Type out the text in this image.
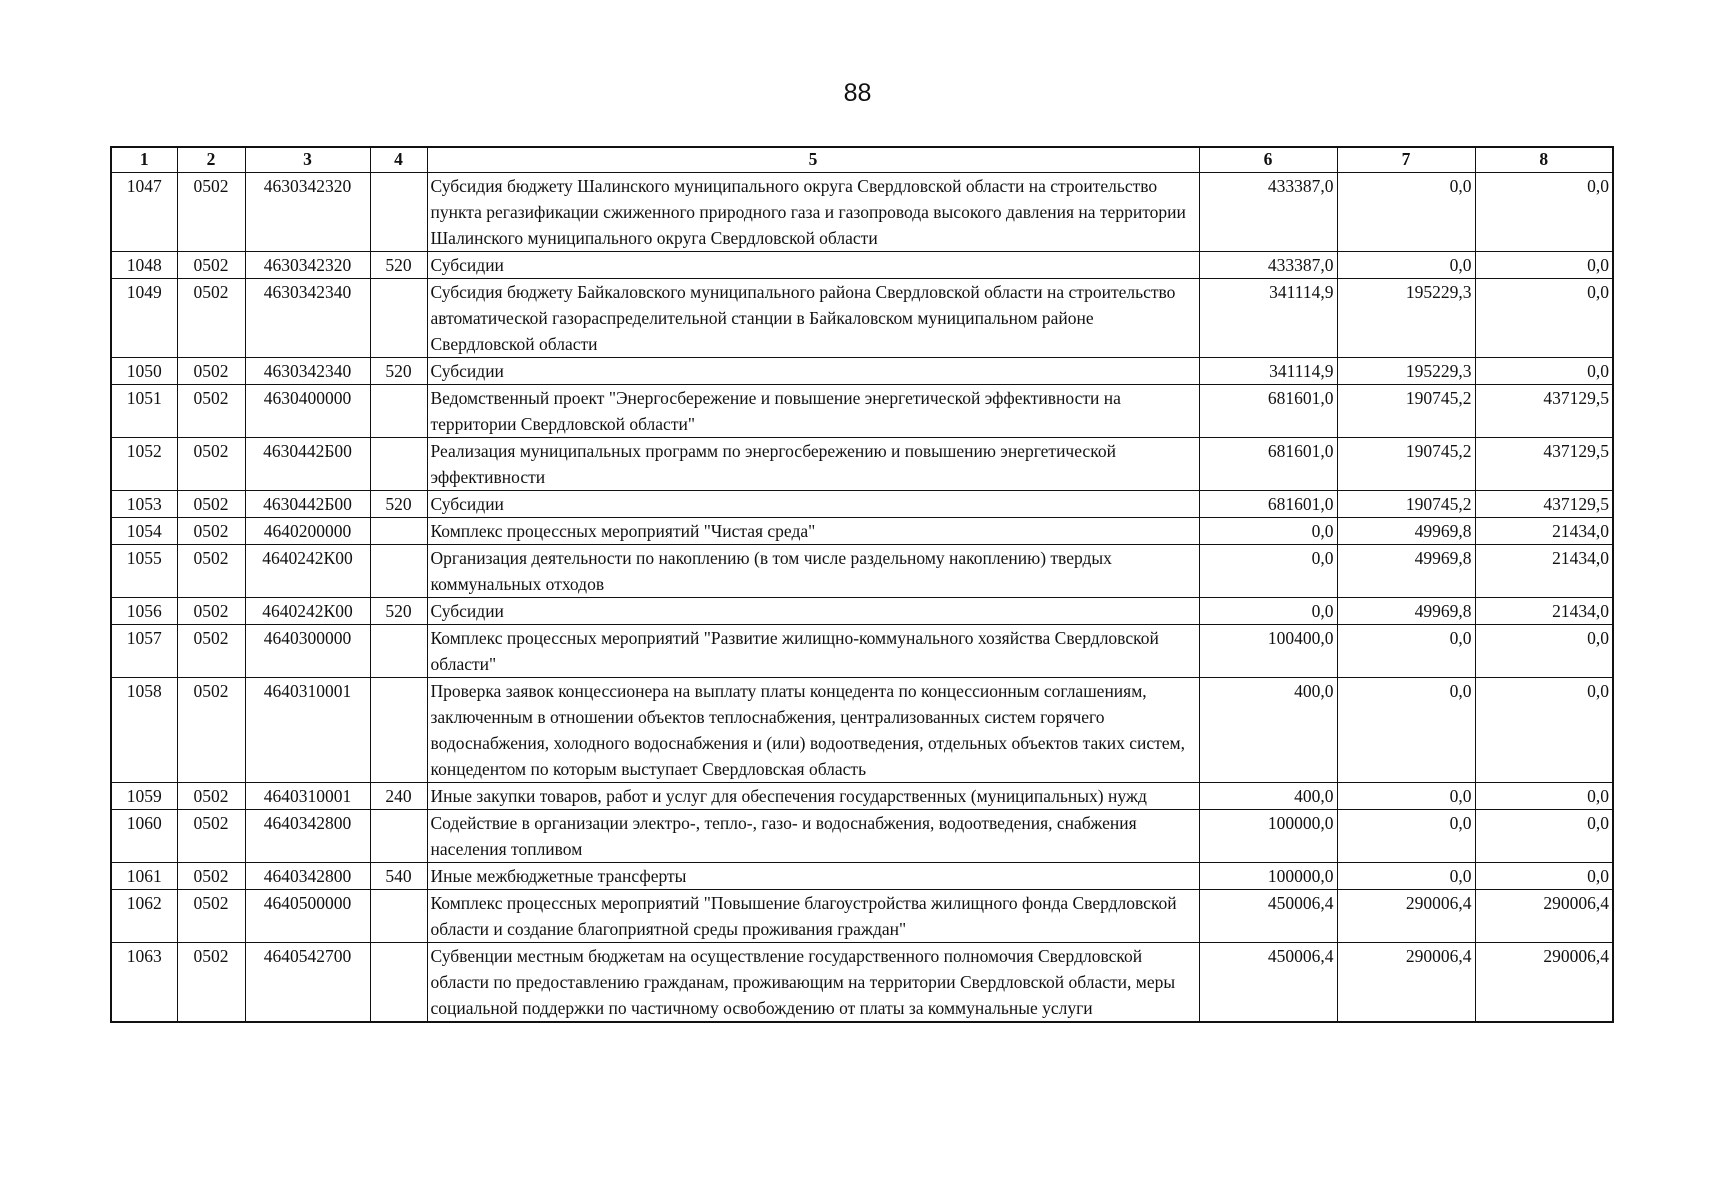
88
1	2	3	4	5	6	7	8
1047	0502	4630342320		Субсидия бюджету Шалинского муниципального округа Свердловской области на строительство пункта регазификации сжиженного природного газа и газопровода высокого давления на территории Шалинского муниципального округа Свердловской области	433387,0	0,0	0,0
1048	0502	4630342320	520	Субсидии	433387,0	0,0	0,0
1049	0502	4630342340		Субсидия бюджету Байкаловского муниципального района Свердловской области на строительство автоматической газораспределительной станции в Байкаловском муниципальном районе Свердловской области	341114,9	195229,3	0,0
1050	0502	4630342340	520	Субсидии	341114,9	195229,3	0,0
1051	0502	4630400000		Ведомственный проект "Энергосбережение и повышение энергетической эффективности на территории Свердловской области"	681601,0	190745,2	437129,5
1052	0502	4630442Б00		Реализация муниципальных программ по энергосбережению и повышению энергетической эффективности	681601,0	190745,2	437129,5
1053	0502	4630442Б00	520	Субсидии	681601,0	190745,2	437129,5
1054	0502	4640200000		Комплекс процессных мероприятий "Чистая среда"	0,0	49969,8	21434,0
1055	0502	4640242К00		Организация деятельности по накоплению (в том числе раздельному накоплению) твердых коммунальных отходов	0,0	49969,8	21434,0
1056	0502	4640242К00	520	Субсидии	0,0	49969,8	21434,0
1057	0502	4640300000		Комплекс процессных мероприятий "Развитие жилищно-коммунального хозяйства Свердловской области"	100400,0	0,0	0,0
1058	0502	4640310001		Проверка заявок концессионера на выплату платы концедента по концессионным соглашениям, заключенным в отношении объектов теплоснабжения, централизованных систем горячего водоснабжения, холодного водоснабжения и (или) водоотведения, отдельных объектов таких систем, концедентом по которым выступает Свердловская область	400,0	0,0	0,0
1059	0502	4640310001	240	Иные закупки товаров, работ и услуг для обеспечения государственных (муниципальных) нужд	400,0	0,0	0,0
1060	0502	4640342800		Содействие в организации электро-, тепло-, газо- и водоснабжения, водоотведения, снабжения населения топливом	100000,0	0,0	0,0
1061	0502	4640342800	540	Иные межбюджетные трансферты	100000,0	0,0	0,0
1062	0502	4640500000		Комплекс процессных мероприятий "Повышение благоустройства жилищного фонда Свердловской области и создание благоприятной среды проживания граждан"	450006,4	290006,4	290006,4
1063	0502	4640542700		Субвенции местным бюджетам на осуществление государственного полномочия Свердловской области по предоставлению гражданам, проживающим на территории Свердловской области, меры социальной поддержки по частичному освобождению от платы за коммунальные услуги	450006,4	290006,4	290006,4
